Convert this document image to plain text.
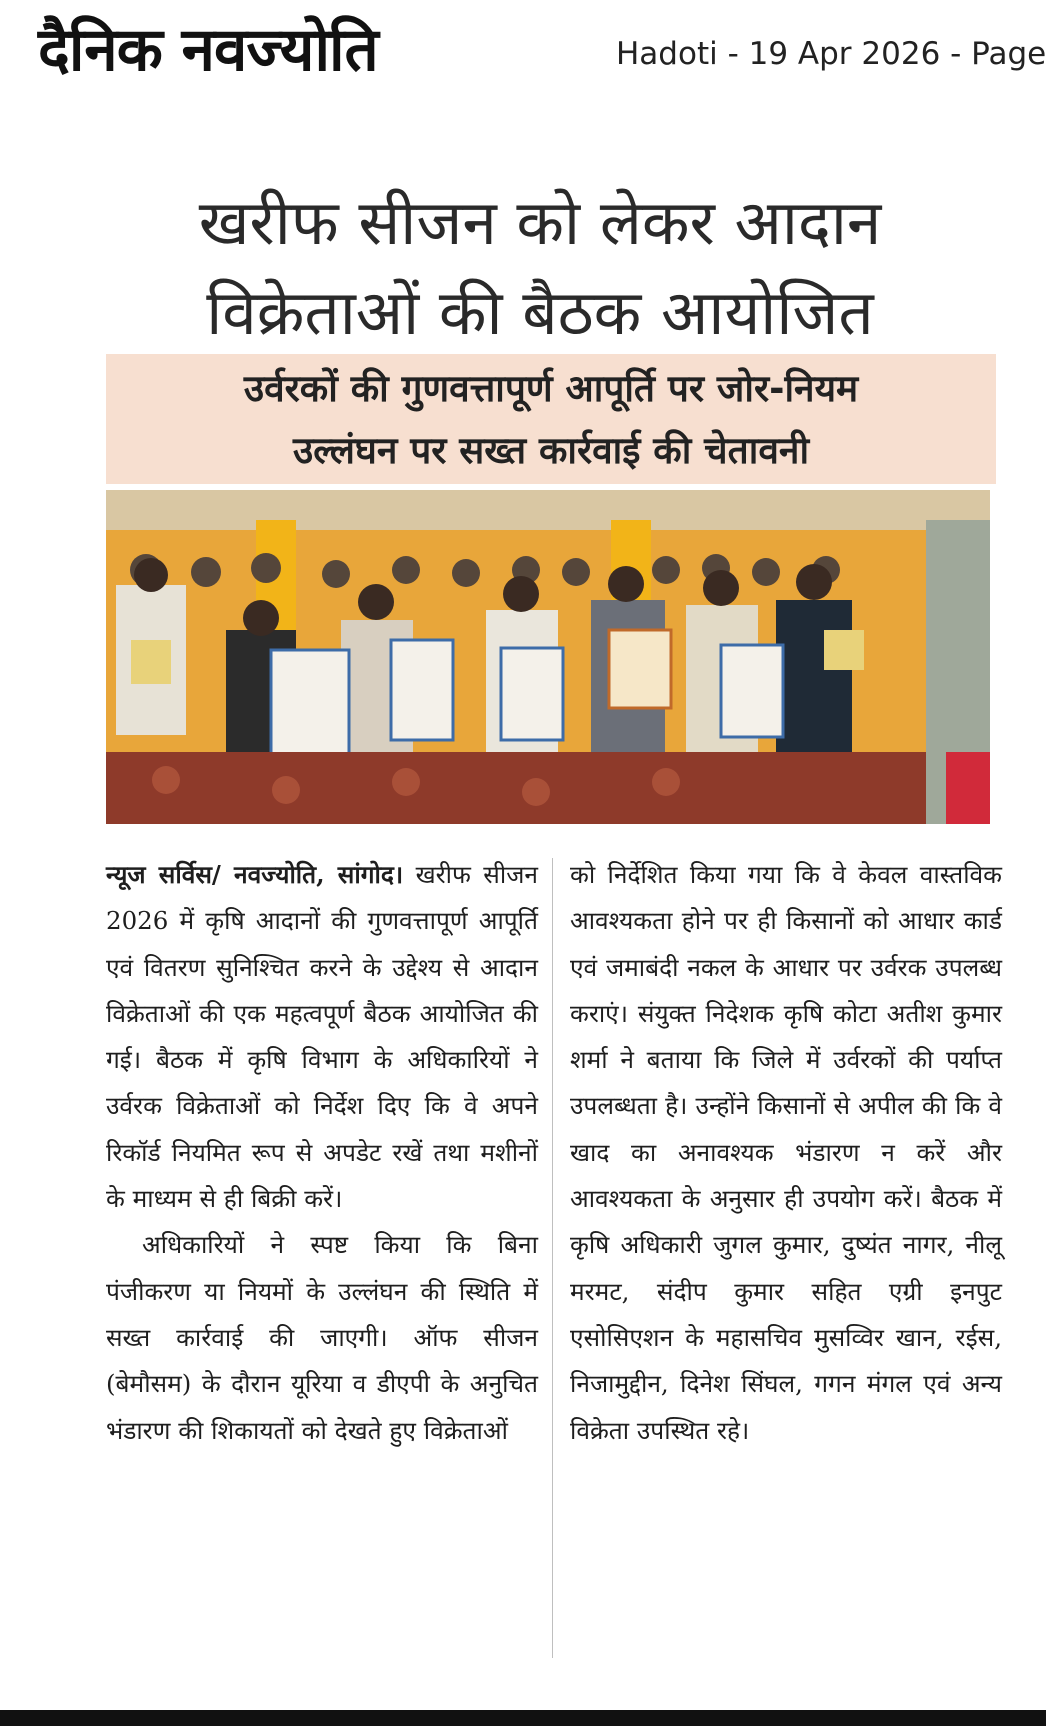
दैनिक नवज्योति	Hadoti - 19 Apr 2026 - Page
खरीफ सीजन को लेकर आदान
विक्रेताओं की बैठक आयोजित
उर्वरकों की गुणवत्तापूर्ण आपूर्ति पर जोर-नियम
उल्लंघन पर सख्त कार्रवाई की चेतावनी

न्यूज सर्विस/ नवज्योति, सांगोद। खरीफ सीजन 2026 में कृषि आदानों की गुणवत्तापूर्ण आपूर्ति एवं वितरण सुनिश्चित करने के उद्देश्य से आदान विक्रेताओं की एक महत्वपूर्ण बैठक आयोजित की गई। बैठक में कृषि विभाग के अधिकारियों ने उर्वरक विक्रेताओं को निर्देश दिए कि वे अपने रिकॉर्ड नियमित रूप से अपडेट रखें तथा मशीनों के माध्यम से ही बिक्री करें।

अधिकारियों ने स्पष्ट किया कि बिना पंजीकरण या नियमों के उल्लंघन की स्थिति में सख्त कार्रवाई की जाएगी। ऑफ सीजन (बेमौसम) के दौरान यूरिया व डीएपी के अनुचित भंडारण की शिकायतों को देखते हुए विक्रेताओं

को निर्देशित किया गया कि वे केवल वास्तविक आवश्यकता होने पर ही किसानों को आधार कार्ड एवं जमाबंदी नकल के आधार पर उर्वरक उपलब्ध कराएं। संयुक्त निदेशक कृषि कोटा अतीश कुमार शर्मा ने बताया कि जिले में उर्वरकों की पर्याप्त उपलब्धता है। उन्होंने किसानों से अपील की कि वे खाद का अनावश्यक भंडारण न करें और आवश्यकता के अनुसार ही उपयोग करें। बैठक में कृषि अधिकारी जुगल कुमार, दुष्यंत नागर, नीलू मरमट, संदीप कुमार सहित एग्री इनपुट एसोसिएशन के महासचिव मुसव्विर खान, रईस, निजामुद्दीन, दिनेश सिंघल, गगन मंगल एवं अन्य विक्रेता उपस्थित रहे।
